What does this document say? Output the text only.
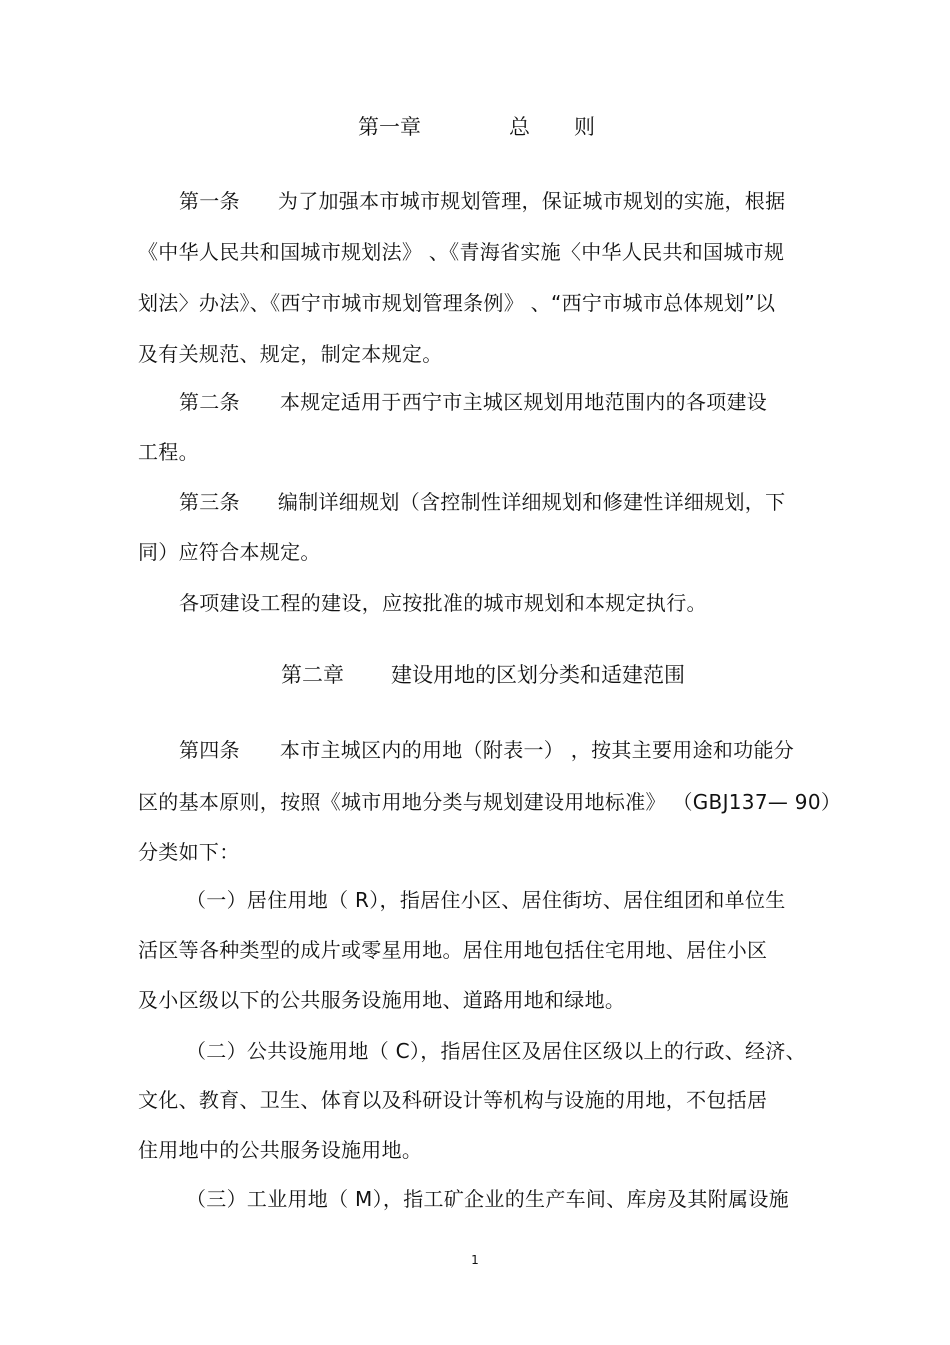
第一章	总 则
第一条 为了加强本市城市规划管理，保证城市规划的实施，根据
《中华人民共和国城市规划法》 、《青海省实施〈中华人民共和国城市规
划法〉办法》、《西宁市城市规划管理条例》 、“西宁市城市总体规划”以
及有关规范、规定，制定本规定。
第二条 本规定适用于西宁市主城区规划用地范围内的各项建设
工程。
第三条 编制详细规划（含控制性详细规划和修建性详细规划，下
同）应符合本规定。
各项建设工程的建设，应按批准的城市规划和本规定执行。
第二章 建设用地的区划分类和适建范围
第四条 本市主城区内的用地（附表一） ，按其主要用途和功能分
区的基本原则，按照《城市用地分类与规划建设用地标准》 （GBJ137— 90）
分类如下：
（一）居住用地（ R），指居住小区、居住街坊、居住组团和单位生
活区等各种类型的成片或零星用地。居住用地包括住宅用地、居住小区
及小区级以下的公共服务设施用地、道路用地和绿地。
（二）公共设施用地（ C），指居住区及居住区级以上的行政、经济、
文化、教育、卫生、体育以及科研设计等机构与设施的用地，不包括居
住用地中的公共服务设施用地。
（三）工业用地（ M），指工矿企业的生产车间、库房及其附属设施
1
